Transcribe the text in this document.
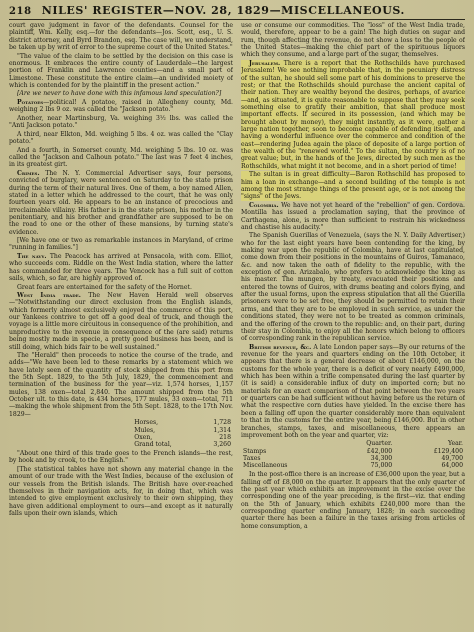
218 NILES' REGISTER—NOV. 28, 1829—MISCELLANEOUS.

court gave judgment in favor of the defendants. Counsel for the plaintiff, Wm. Kelly, esq.—for the defendants—Jos. Scott, esq., U. S. district attorney, and Byrd Brandon, esq. The case will, we understand, be taken up by writ of error to the supreme court of the United States."

"The value of the claim to be settled by the decision on this case is enormous. It embraces the entire county of Lauderdale—the largest portion of Franklin and Lawrence counties—and a small part of Limestone. These constitute the entire claim—an undivided moiety of which is contended for by the plaintiff in the present action."

[Are we never to have done with this infamous land speculation?]

Potatoes—political! A potatoe, raised in Allegheny county, Md. weighing 2 lbs 9 oz. was called the "Jackson potato."

Another, near Martinsburg, Va. weighing 3½ lbs. was called the "Anti Jackson potato."

A third, near Elkton, Md. weighing 5 lbs. 4 oz. was called the "Clay potato."

And a fourth, in Somerset county, Md. weighing 5 lbs. 10 oz. was called the "Jackson and Calhoun potato." The last was 7 feet 4 inches, in its greatest girt.

Crimes. The N. Y. Commercial Advertiser says, four persons, convicted of burglary, were sentenced on Saturday to the state prison during the term of their natural lives. One of them, a boy named Allen, stated in a letter which he addressed to the court, that he was only fourteen years old. He appears to be an instance of precocious and irreclaimable villainy. His father is in the state prison, his mother in the penitentiary, and his brother and grandfather are supposed to be on the road to one or the other of these mansions, by turning state's evidence.

[We have one or two as remarkable instances in Maryland, of crime "running in families."]

The navy. The Peacock has arrived at Pensacola, with com. Elliot, who succeeds com. Riddle on the West India station, where the latter has commanded for three years. The Vencock has a full suit of cotton sails, which, so far, are highly approved of.

Great fears are entertained for the safety of the Hornet.

West India trade. The New Haven Herald well observes—"Notwithstanding our direct exclusion from the English islands, which formerly almost exclusively enjoyed the commerce of this port, our Yankees contrive to get off a good deal of truck, and though the voyage is a little more circuitous in consequence of the prohibition, and unproductive to the revenue in consequence of the (are said) returns being mostly made in specie, a pretty good business has been, and is still doing, which bids fair to be well sustained."

The "Herald" then proceeds to notice the course of the trade, and adds—"We have been led to these remarks by a statement which we have lately seen of the quantity of stock shipped from this port from the 5th Sept. 1829, to the 5th July, 1829, the commencement and termination of the business for the year—viz. 1,574 horses, 1,157 mules, 138 oxen—total 2,840. The amount shipped from the 5th October ult. to this date, is 434 horses, 177 mules, 33 oxen—total, 711—making the whole shipment from the 5th Sept. 1828, to the 17th Nov. 1829—

	Horses,	1,728
	Mules,	1,314
	Oxen,	218
	Grand total,	3,260

"About one third of this trade goes to the French islands—the rest, by hook and by crook, to the English."

[The statistical tables have not shown any material change in the amount of our trade with the West Indies, because of the exclusion of our vessels from the British islands. The British have over-reached themselves in their navigation acts, for, in doing that, which was intended to give employment exclusively to their own shipping, they have given additional employment to ours—and except as it naturally falls upon their own islands, which

use or consume our commodities. The "loss" of the West India trade, would, therefore, appear to be a gain! The high duties on sugar and rum, though affecting the revenue, do not show a loss to the people of the United States—making the chief part of the spirituous liquors which they consume, and a large part of the sugar, themselves.

Jerusalem. There is a report that the Rothschilds have purchased Jerusalem! We see nothing improbable that, in the pecuniary distress of the sultan, he should sell some part of his dominions to preserve the rest; or that the Rothschilds should purchase the ancient capital of their nation. They are wealthy beyond the desires, perhaps, of avarice—and, as situated, it is quite reasonable to suppose that they may seek something else to gratify their ambition, that shall produce most important effects. If secured in its possession, (and which may be brought about by money), they might instantly, as it were, gather a large nation together, soon to become capable of defending itself, and having a wonderful influence over the commerce and condition of the east—rendering Judea again the place of deposite of a large portion of the wealth of the "renewed world." To the sultan, the country is of no great value; but, in the hands of the Jews, directed by such men as the Rothschilds, what might it not become, and in a short period of time!

The sultan is in great difficulty—Baron Rothschild has proposed to him a loan in exchange—and a second building of the temple is not among the most strange things of the present age, or is not among the "signs" of the Jews.

Colombia. We have not yet heard of the "rebellion" of gen. Cordova. Montilla has issued a proclamation saying, that the province of Carthagena, alone, is more than sufficient to restrain his wickedness and chastise his audacity."

The Spanish Guerillas of Venezuela, (says the N. Y. Daily Advertiser,) who for the last eight years have been contending for the king, by making war upon the republic of Colombia, have at last capitulated, come down from their positions in the mountains of Guiros, Tamanaco, &c. and now taken the oath of fidelity to the republic, with the exception of gen. Arizabalo, who prefers to acknowledge the king as his master. The mungen, by treaty, evacuated their positions and entered the towns of Guiros, with drums beating and colors flying, and after the usual forms, upon the express stipulation that all the Guerilla prisoners were to be set free, they should be permitted to retain their arms, and that they are to be employed in such service, as under the conditions stated, they were not to be treated as common criminals, and the offering of the crown to the republic: and, on their part, during their stay in Colombia, to enjoy all the honors which belong to officers of corresponding rank in the republican service.

British revenue, &c. A late London paper says—By our returns of the revenue for the years and quarters ending on the 10th October, it appears that there is a general decrease of about £146,000, on the customs for the whole year, there is a deficit of very nearly £490,000, which has been within a trifle compensated during the last quarter by (it is said) a considerable influx of duty on imported corn; but no materials for an exact comparison of that point between the two years or quarters can be had sufficient without having before us the return of what the respective corn duties have yielded. In the excise there has been a falling off upon the quarter considerably more than equivalent to that in the customs for the entire year, being £146,000. But in other branches, stamps, taxes, and miscellaneous, there appears an improvement both on the year and quarter, viz:

	Quarter.	Year.
Stamps	£42,000	£129,400
Taxes	34,300	49,700
Miscellaneous	75,000	64,000

In the post-office there is an increase of £36,000 upon the year, but a falling off of £8,000 on the quarter. It appears that the only quarter of the past year which exhibits an improvement in the excise over the corresponding one of the year preceding, is the first—viz. that ending on the 5th of January, which exhibits £240,000 more than the corresponding quarter ending January, 1828; in each succeeding quarter there has been a failure in the taxes arising from articles of home consumption, a
